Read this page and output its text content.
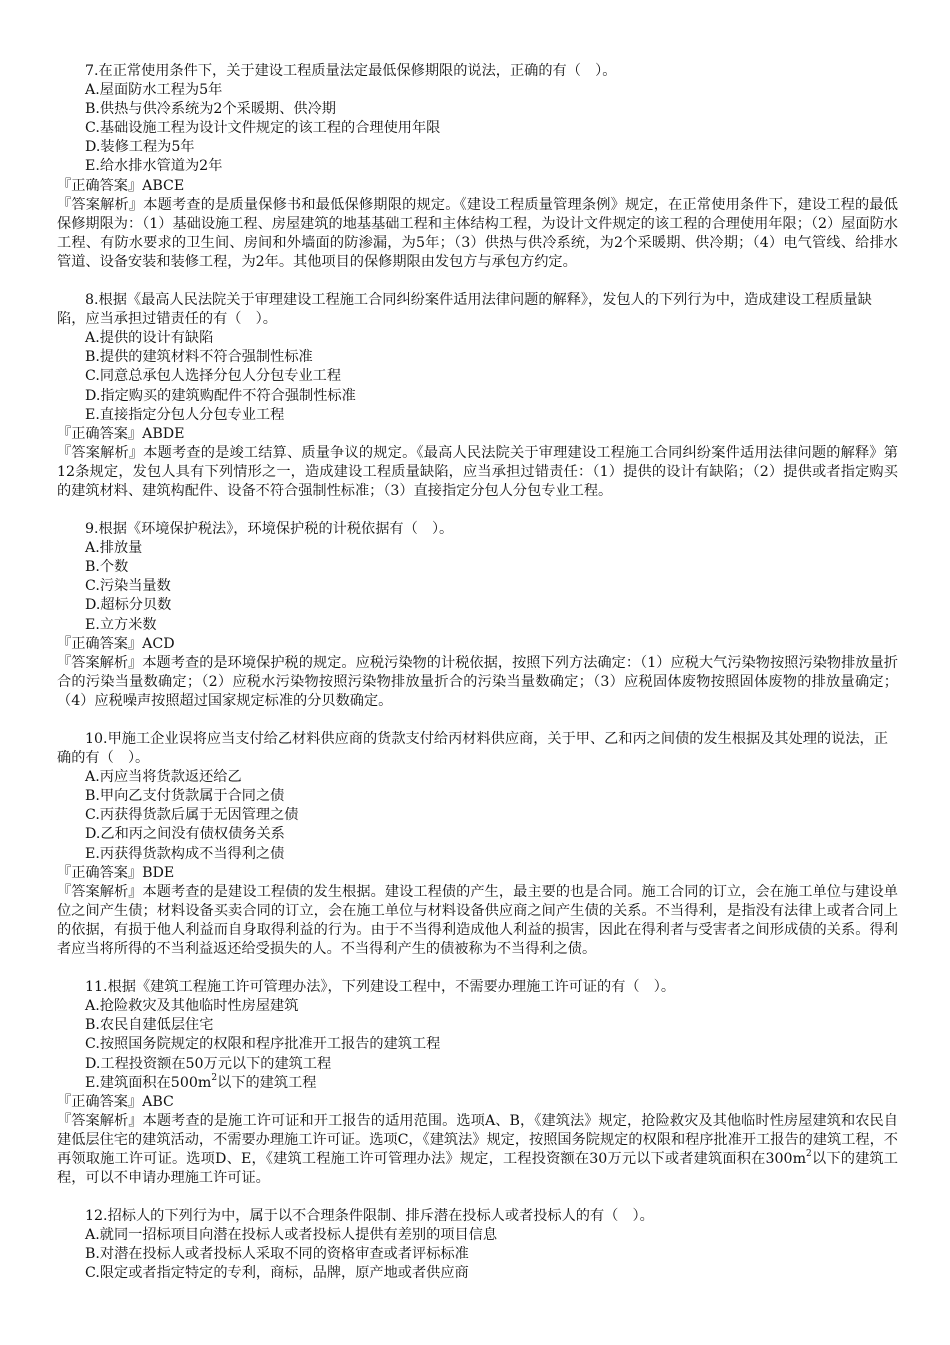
7.在正常使用条件下，关于建设工程质量法定最低保修期限的说法，正确的有（　）。

A.屋面防水工程为5年

B.供热与供冷系统为2个采暖期、供冷期

C.基础设施工程为设计文件规定的该工程的合理使用年限

D.装修工程为5年

E.给水排水管道为2年

『正确答案』ABCE

『答案解析』本题考查的是质量保修书和最低保修期限的规定。《建设工程质量管理条例》规定，在正常使用条件下，建设工程的最低保修期限为：（1）基础设施工程、房屋建筑的地基基础工程和主体结构工程，为设计文件规定的该工程的合理使用年限；（2）屋面防水工程、有防水要求的卫生间、房间和外墙面的防渗漏，为5年；（3）供热与供冷系统，为2个采暖期、供冷期；（4）电气管线、给排水管道、设备安装和装修工程，为2年。其他项目的保修期限由发包方与承包方约定。

8.根据《最高人民法院关于审理建设工程施工合同纠纷案件适用法律问题的解释》，发包人的下列行为中，造成建设工程质量缺陷，应当承担过错责任的有（　）。

A.提供的设计有缺陷

B.提供的建筑材料不符合强制性标准

C.同意总承包人选择分包人分包专业工程

D.指定购买的建筑购配件不符合强制性标准

E.直接指定分包人分包专业工程

『正确答案』ABDE

『答案解析』本题考查的是竣工结算、质量争议的规定。《最高人民法院关于审理建设工程施工合同纠纷案件适用法律问题的解释》第12条规定，发包人具有下列情形之一，造成建设工程质量缺陷，应当承担过错责任：（1）提供的设计有缺陷；（2）提供或者指定购买的建筑材料、建筑构配件、设备不符合强制性标准；（3）直接指定分包人分包专业工程。

9.根据《环境保护税法》，环境保护税的计税依据有（　）。

A.排放量

B.个数

C.污染当量数

D.超标分贝数

E.立方米数

『正确答案』ACD

『答案解析』本题考查的是环境保护税的规定。应税污染物的计税依据，按照下列方法确定：（1）应税大气污染物按照污染物排放量折合的污染当量数确定；（2）应税水污染物按照污染物排放量折合的污染当量数确定；（3）应税固体废物按照固体废物的排放量确定；（4）应税噪声按照超过国家规定标准的分贝数确定。

10.甲施工企业误将应当支付给乙材料供应商的货款支付给丙材料供应商，关于甲、乙和丙之间债的发生根据及其处理的说法，正确的有（　）。

A.丙应当将货款返还给乙

B.甲向乙支付货款属于合同之债

C.丙获得货款后属于无因管理之债

D.乙和丙之间没有债权债务关系

E.丙获得货款构成不当得利之债

『正确答案』BDE

『答案解析』本题考查的是建设工程债的发生根据。建设工程债的产生，最主要的也是合同。施工合同的订立，会在施工单位与建设单位之间产生债；材料设备买卖合同的订立，会在施工单位与材料设备供应商之间产生债的关系。不当得利，是指没有法律上或者合同上的依据，有损于他人利益而自身取得利益的行为。由于不当得利造成他人利益的损害，因此在得利者与受害者之间形成债的关系。得利者应当将所得的不当利益返还给受损失的人。不当得利产生的债被称为不当得利之债。

11.根据《建筑工程施工许可管理办法》，下列建设工程中，不需要办理施工许可证的有（　）。

A.抢险救灾及其他临时性房屋建筑

B.农民自建低层住宅

C.按照国务院规定的权限和程序批准开工报告的建筑工程

D.工程投资额在50万元以下的建筑工程

E.建筑面积在$500m^2$以下的建筑工程

『正确答案』ABC

『答案解析』本题考查的是施工许可证和开工报告的适用范围。选项A、B，《建筑法》规定，抢险救灾及其他临时性房屋建筑和农民自建低层住宅的建筑活动，不需要办理施工许可证。选项C，《建筑法》规定，按照国务院规定的权限和程序批准开工报告的建筑工程，不再领取施工许可证。选项D、E，《建筑工程施工许可管理办法》规定，工程投资额在30万元以下或者建筑面积在$300m^2$以下的建筑工程，可以不申请办理施工许可证。

12.招标人的下列行为中，属于以不合理条件限制、排斥潜在投标人或者投标人的有（　）。

A.就同一招标项目向潜在投标人或者投标人提供有差别的项目信息

B.对潜在投标人或者投标人采取不同的资格审查或者评标标准

C.限定或者指定特定的专利，商标，品牌，原产地或者供应商
